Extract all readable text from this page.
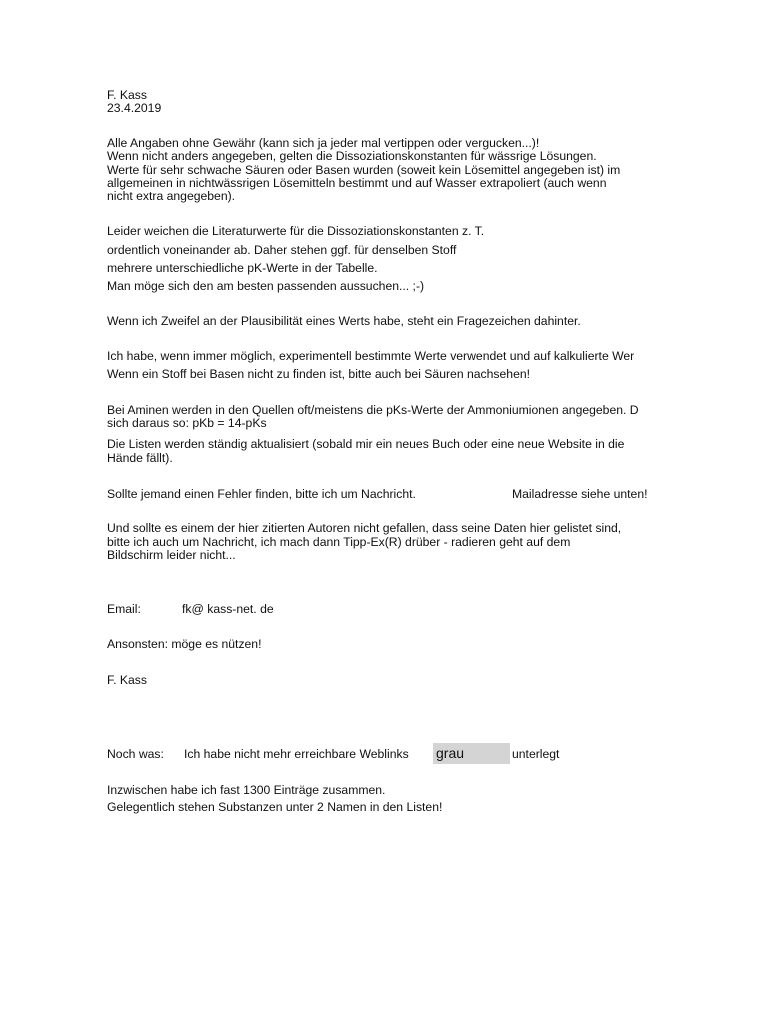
F. Kass
23.4.2019
Alle Angaben ohne Gewähr (kann sich ja jeder mal vertippen oder vergucken...)!
Wenn nicht anders angegeben, gelten die Dissoziationskonstanten für wässrige Lösungen.
Werte für sehr schwache Säuren oder Basen wurden (soweit kein Lösemittel angegeben ist) im
allgemeinen in nichtwässrigen Lösemitteln bestimmt und auf Wasser extrapoliert (auch wenn
nicht extra angegeben).
Leider weichen die Literaturwerte für die Dissoziationskonstanten z. T.
ordentlich voneinander ab. Daher stehen ggf. für denselben Stoff
mehrere unterschiedliche pK-Werte in der Tabelle.
Man möge sich den am besten passenden aussuchen... ;-)
Wenn ich Zweifel an der Plausibilität eines Werts habe, steht ein Fragezeichen dahinter.
Ich habe, wenn immer möglich, experimentell bestimmte Werte verwendet und auf kalkulierte Wer
Wenn ein Stoff bei Basen nicht zu finden ist, bitte auch bei Säuren nachsehen!
Bei Aminen werden in den Quellen oft/meistens die pKs-Werte der Ammoniumionen angegeben. D
sich daraus so: pKb = 14-pKs
Die Listen werden ständig aktualisiert (sobald mir ein neues Buch oder eine neue Website in die
Hände fällt).
Sollte jemand einen Fehler finden, bitte ich um Nachricht.	Mailadresse siehe unten!
Und sollte es einem der hier zitierten Autoren nicht gefallen, dass seine Daten hier gelistet sind,
bitte ich auch um Nachricht, ich mach dann Tipp-Ex(R) drüber - radieren geht auf dem
Bildschirm leider nicht...
Email:	fk@ kass-net. de
Ansonsten: möge es nützen!
F. Kass
Noch was: Ich habe nicht mehr erreichbare Weblinks grau	unterlegt
Inzwischen habe ich fast 1300 Einträge zusammen.
Gelegentlich stehen Substanzen unter 2 Namen in den Listen!
